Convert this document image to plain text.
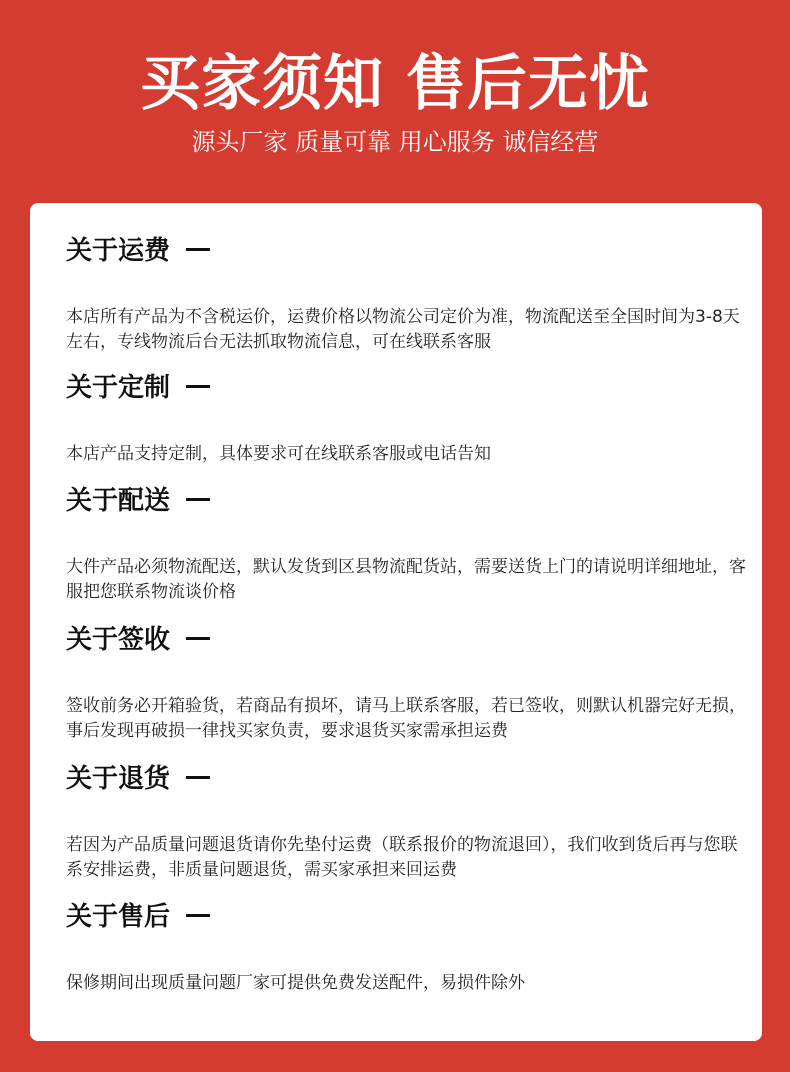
买家须知 售后无忧
源头厂家 质量可靠 用心服务 诚信经营
关于运费
本店所有产品为不含税运价，运费价格以物流公司定价为准，物流配送至全国时间为3-8天左右，专线物流后台无法抓取物流信息，可在线联系客服
关于定制
本店产品支持定制，具体要求可在线联系客服或电话告知
关于配送
大件产品必须物流配送，默认发货到区县物流配货站，需要送货上门的请说明详细地址，客服把您联系物流谈价格
关于签收
签收前务必开箱验货，若商品有损坏，请马上联系客服，若已签收，则默认机器完好无损，事后发现再破损一律找买家负责，要求退货买家需承担运费
关于退货
若因为产品质量问题退货请你先垫付运费（联系报价的物流退回），我们收到货后再与您联系安排运费，非质量问题退货，需买家承担来回运费
关于售后
保修期间出现质量问题厂家可提供免费发送配件，易损件除外
